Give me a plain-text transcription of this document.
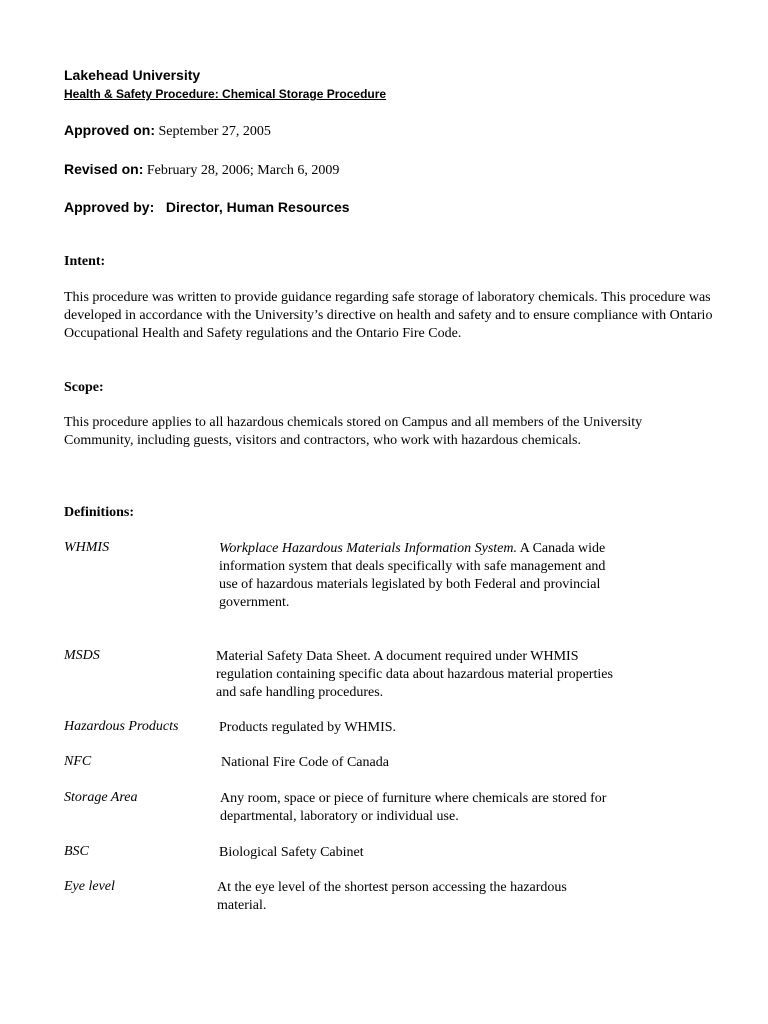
Lakehead University

Health & Safety Procedure: Chemical Storage Procedure

Approved on: September 27, 2005

Revised on: February 28, 2006; March 6, 2009

Approved by: Director, Human Resources

Intent:

This procedure was written to provide guidance regarding safe storage of laboratory chemicals. This procedure was developed in accordance with the University’s directive on health and safety and to ensure compliance with Ontario Occupational Health and Safety regulations and the Ontario Fire Code.

Scope:

This procedure applies to all hazardous chemicals stored on Campus and all members of the University Community, including guests, visitors and contractors, who work with hazardous chemicals.

Definitions:

WHMIS	Workplace Hazardous Materials Information System. A Canada wide information system that deals specifically with safe management and use of hazardous materials legislated by both Federal and provincial government.
MSDS	Material Safety Data Sheet. A document required under WHMIS regulation containing specific data about hazardous material properties and safe handling procedures.
Hazardous Products	Products regulated by WHMIS.
NFC	National Fire Code of Canada
Storage Area	Any room, space or piece of furniture where chemicals are stored for departmental, laboratory or individual use.
BSC	Biological Safety Cabinet
Eye level	At the eye level of the shortest person accessing the hazardous material.
